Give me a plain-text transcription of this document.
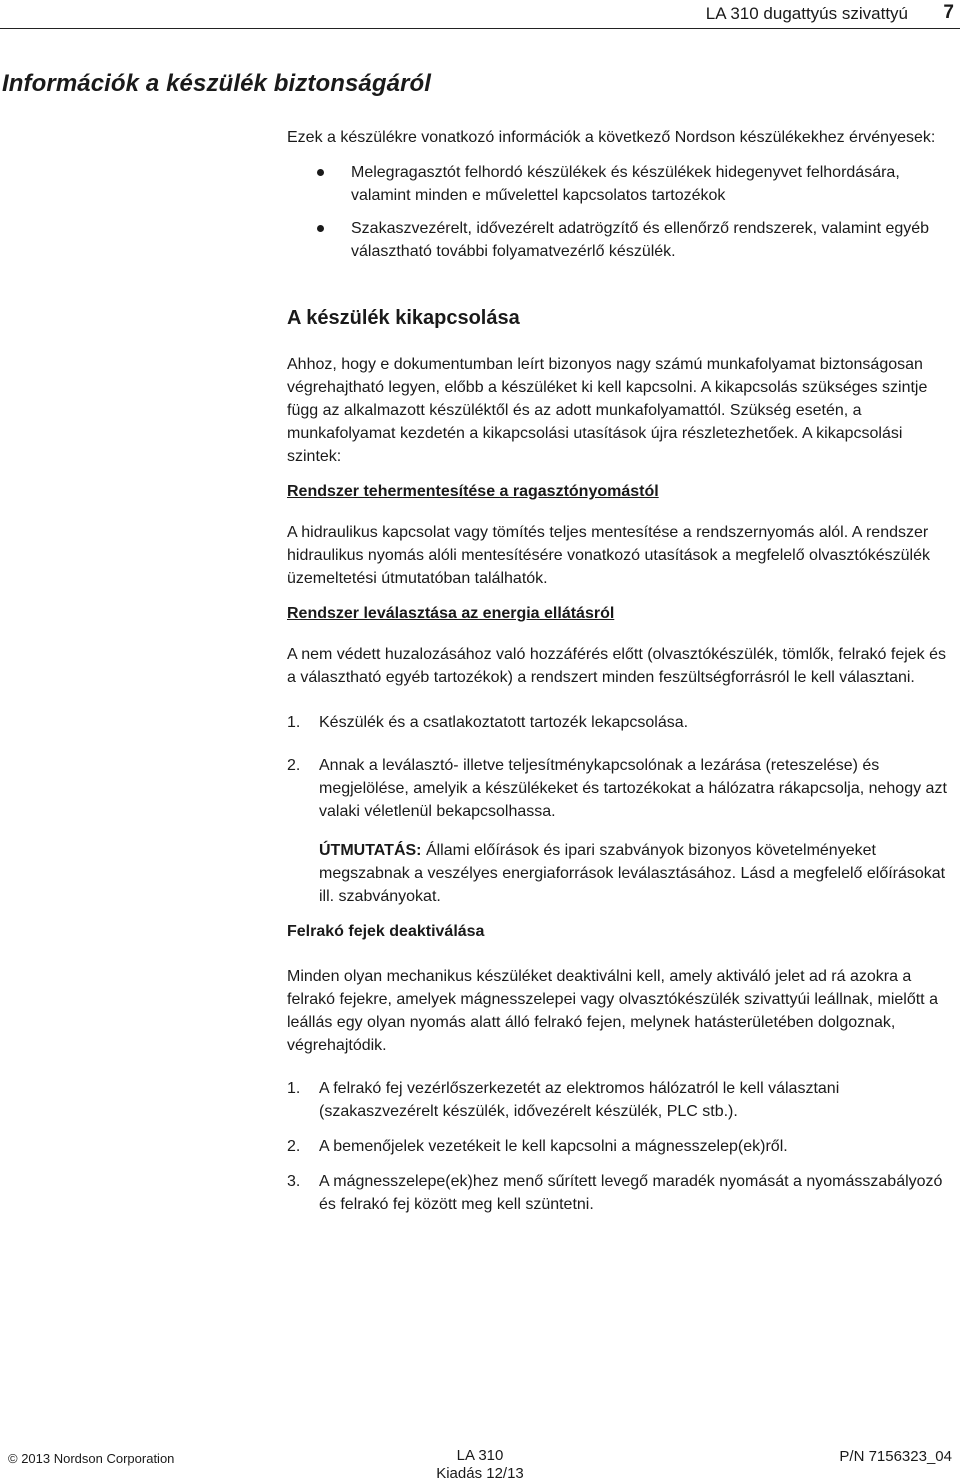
LA 310 dugattyús szivattyú 7
Információk a készülék biztonságáról

Ezek a készülékre vonatkozó információk a következő Nordson készülékekhez érvényesek:

Melegragasztót felhordó készülékek és készülékek hidegenyvet felhordására, valamint minden e művelettel kapcsolatos tartozékok
Szakaszvezérelt, idővezérelt adatrögzítő és ellenőrző rendszerek, valamint egyéb választható további folyamatvezérlő készülék.
A készülék kikapcsolása

Ahhoz, hogy e dokumentumban leírt bizonyos nagy számú munkafolyamat biztonságosan végrehajtható legyen, előbb a készüléket ki kell kapcsolni. A kikapcsolás szükséges szintje függ az alkalmazott készüléktől és az adott munkafolyamattól. Szükség esetén, a munkafolyamat kezdetén a kikapcsolási utasítások újra részletezhetőek. A kikapcsolási szintek:

Rendszer tehermentesítése a ragasztónyomástól

A hidraulikus kapcsolat vagy tömítés teljes mentesítése a rendszernyomás alól. A rendszer hidraulikus nyomás alóli mentesítésére vonatkozó utasítások a megfelelő olvasztókészülék üzemeltetési útmutatóban találhatók.

Rendszer leválasztása az energia ellátásról

A nem védett huzalozásához való hozzáférés előtt (olvasztókészülék, tömlők, felrakó fejek és a választható egyéb tartozékok) a rendszert minden feszültségforrásról le kell választani.

1. Készülék és a csatlakoztatott tartozék lekapcsolása.
2. Annak a leválasztó- illetve teljesítménykapcsolónak a lezárása (reteszelése) és megjelölése, amelyik a készülékeket és tartozékokat a hálózatra rákapcsolja, nehogy azt valaki véletlenül bekapcsolhassa.

ÚTMUTATÁS: Állami előírások és ipari szabványok bizonyos követelményeket megszabnak a veszélyes energiaforrások leválasztásához. Lásd a megfelelő előírásokat ill. szabványokat.

Felrakó fejek deaktiválása

Minden olyan mechanikus készüléket deaktiválni kell, amely aktiváló jelet ad rá azokra a felrakó fejekre, amelyek mágnesszelepei vagy olvasztókészülék szivattyúi leállnak, mielőtt a leállás egy olyan nyomás alatt álló felrakó fejen, melynek hatásterületében dolgoznak, végrehajtódik.

1. A felrakó fej vezérlőszerkezetét az elektromos hálózatról le kell választani (szakaszvezérelt készülék, idővezérelt készülék, PLC stb.).
2. A bemenőjelek vezetékeit le kell kapcsolni a mágnesszelep(ek)ről.
3. A mágnesszelepe(ek)hez menő sűrített levegő maradék nyomását a nyomásszabályozó és felrakó fej között meg kell szüntetni.
© 2013 Nordson Corporation	LA 310
Kiadás 12/13
P/N 7156323_04
